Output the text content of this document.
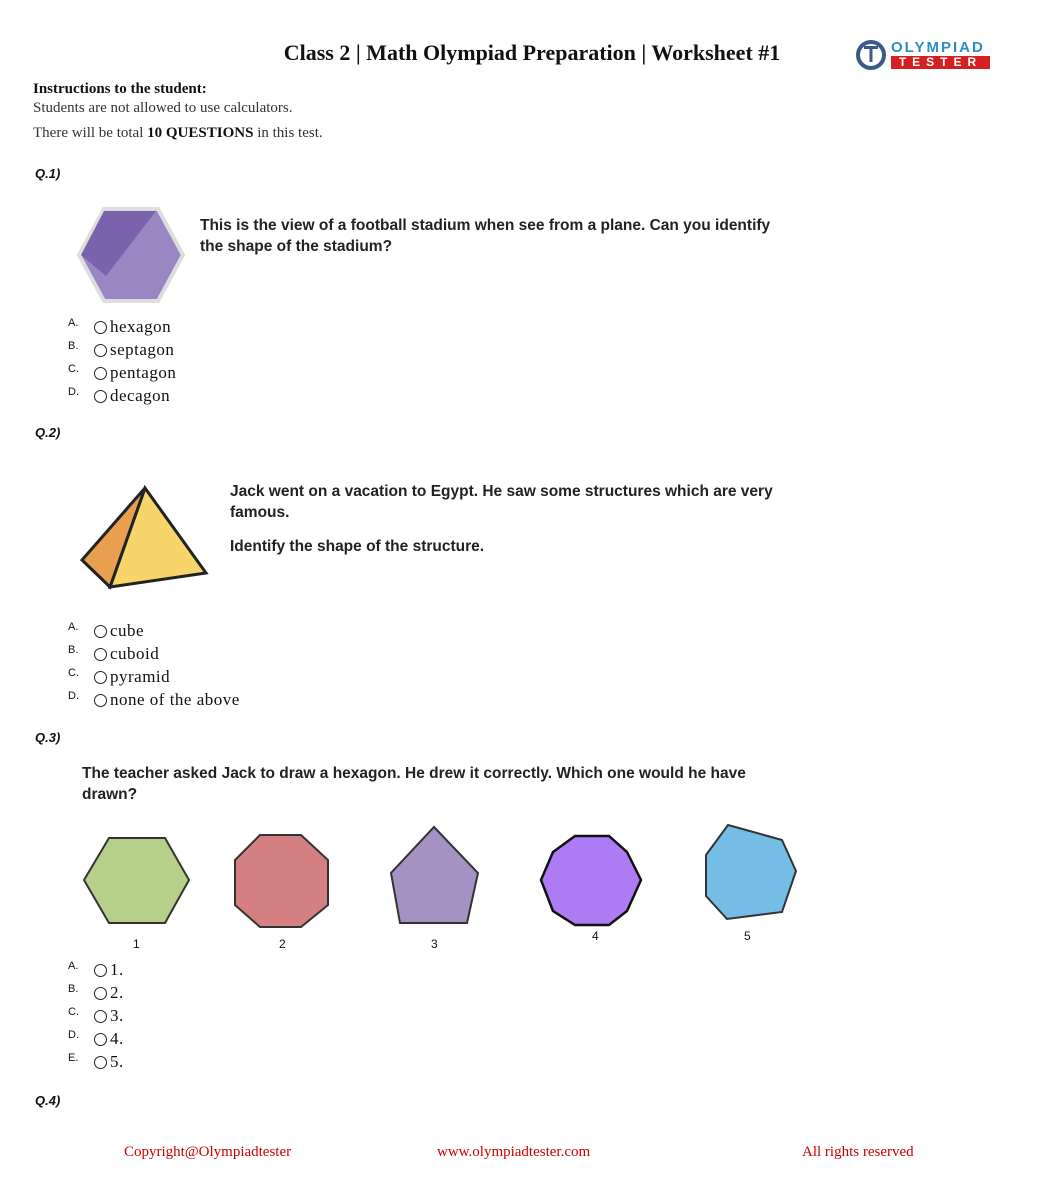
Class 2 | Math Olympiad Preparation | Worksheet #1	OLYMPIAD
TESTER
Instructions to the student:
Students are not allowed to use calculators.
There will be total 10 QUESTIONS in this test.
Q.1)
This is the view of a football stadium when see from a plane. Can you identify
the shape of the stadium?
A.	hexagon
B.	septagon
C.	pentagon
D.	decagon
Q.2)
Jack went on a vacation to Egypt. He saw some structures which are very
famous.
Identify the shape of the structure.
A.	cube
B.	cuboid
C.	pyramid
D.	none of the above
Q.3)
The teacher asked Jack to draw a hexagon. He drew it correctly. Which one would he have
drawn?
1	2	3
4	5
A.	1.
B.	2.
C.	3.
D.	4.
E.	5.
Q.4)
Copyright@Olympiadtester	www.olympiadtester.com	All rights reserved
